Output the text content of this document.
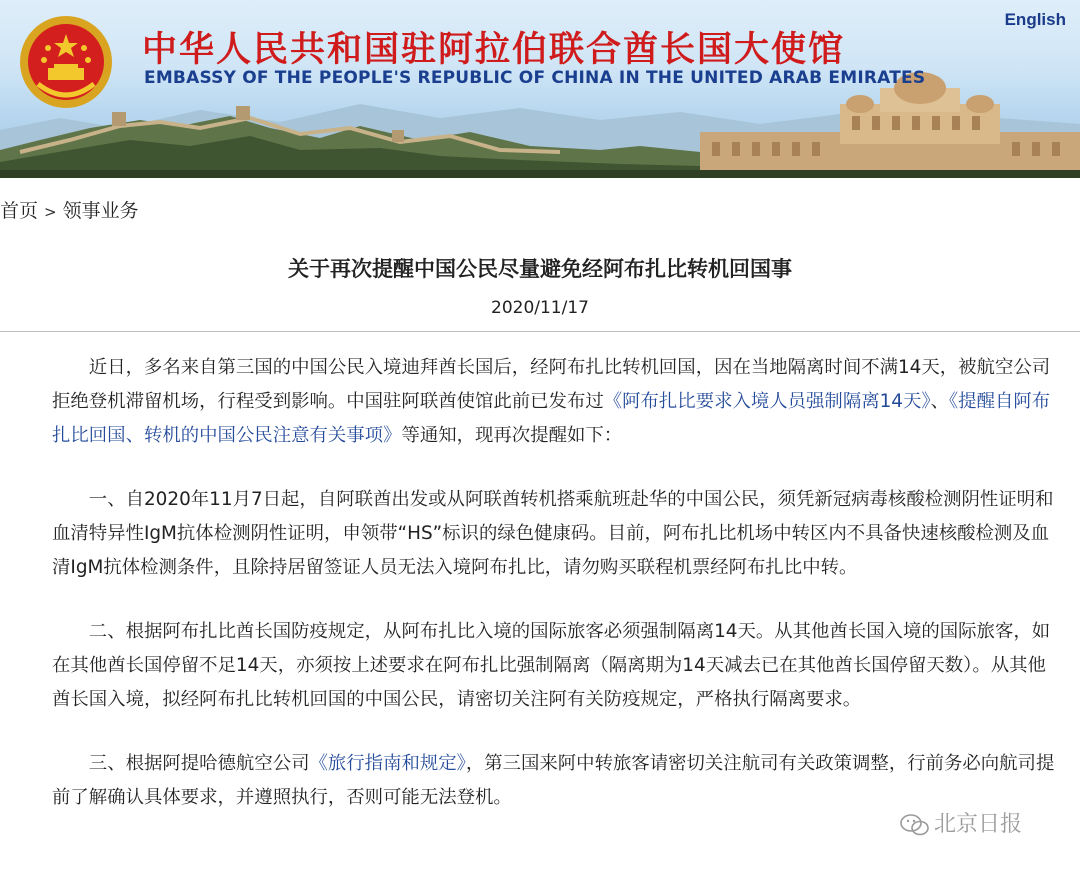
中华人民共和国驻阿拉伯联合酋长国大使馆
EMBASSY OF THE PEOPLE'S REPUBLIC OF CHINA IN THE UNITED ARAB EMIRATES
English
首页 > 领事业务
关于再次提醒中国公民尽量避免经阿布扎比转机回国事
2020/11/17

近日，多名来自第三国的中国公民入境迪拜酋长国后，经阿布扎比转机回国，因在当地隔离时间不满14天，被航空公司拒绝登机滞留机场，行程受到影响。中国驻阿联酋使馆此前已发布过《阿布扎比要求入境人员强制隔离14天》、《提醒自阿布扎比回国、转机的中国公民注意有关事项》等通知，现再次提醒如下：

一、自2020年11月7日起，自阿联酋出发或从阿联酋转机搭乘航班赴华的中国公民，须凭新冠病毒核酸检测阴性证明和血清特异性IgM抗体检测阴性证明，申领带“HS”标识的绿色健康码。目前，阿布扎比机场中转区内不具备快速核酸检测及血清IgM抗体检测条件，且除持居留签证人员无法入境阿布扎比，请勿购买联程机票经阿布扎比中转。

二、根据阿布扎比酋长国防疫规定，从阿布扎比入境的国际旅客必须强制隔离14天。从其他酋长国入境的国际旅客，如在其他酋长国停留不足14天，亦须按上述要求在阿布扎比强制隔离（隔离期为14天减去已在其他酋长国停留天数）。从其他酋长国入境，拟经阿布扎比转机回国的中国公民，请密切关注阿有关防疫规定，严格执行隔离要求。

三、根据阿提哈德航空公司《旅行指南和规定》，第三国来阿中转旅客请密切关注航司有关政策调整，行前务必向航司提前了解确认具体要求，并遵照执行，否则可能无法登机。

北京日报
